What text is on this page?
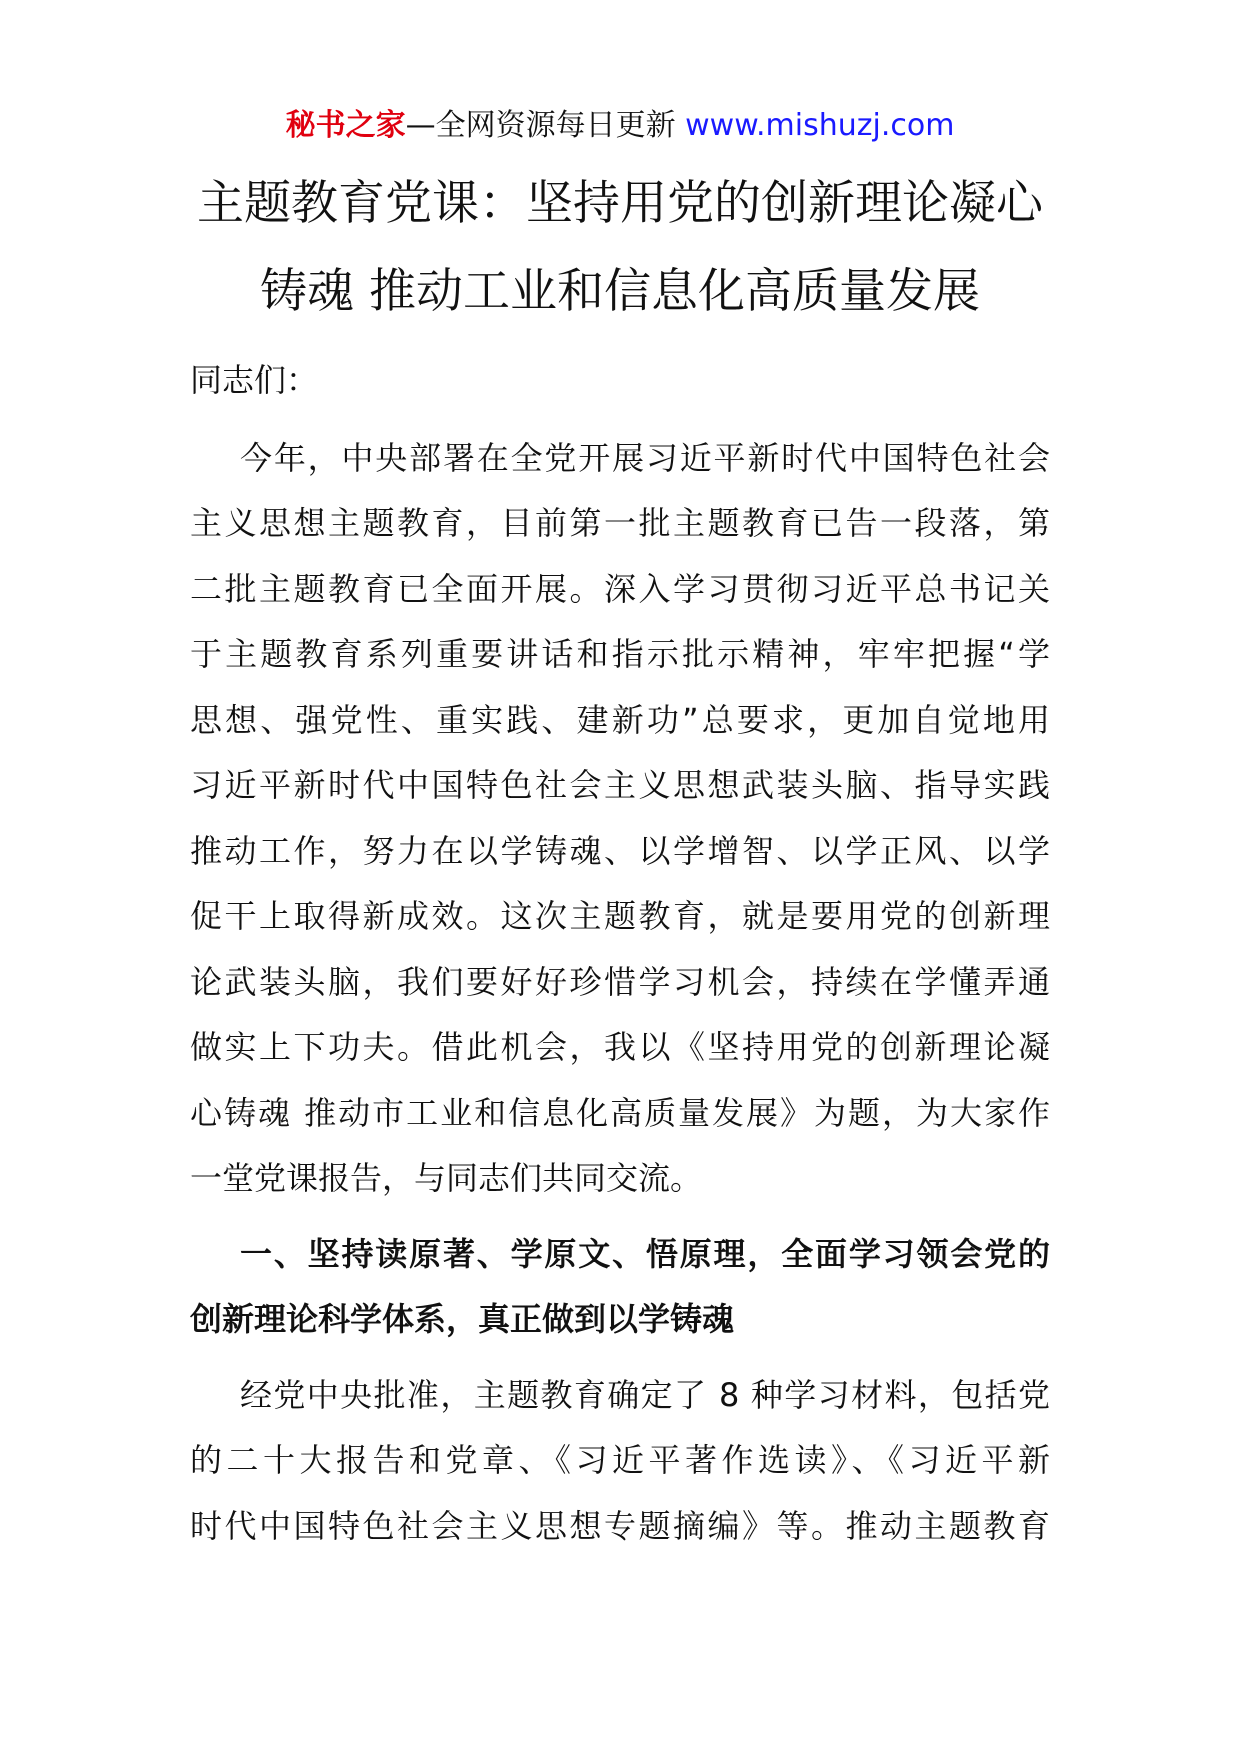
秘书之家—全网资源每日更新 www.mishuzj.com
主题教育党课：坚持用党的创新理论凝心
铸魂 推动工业和信息化高质量发展

同志们：

今年，中央部署在全党开展习近平新时代中国特色社会
主义思想主题教育，目前第一批主题教育已告一段落，第
二批主题教育已全面开展。深入学习贯彻习近平总书记关
于主题教育系列重要讲话和指示批示精神，牢牢把握“学
思想、强党性、重实践、建新功”总要求，更加自觉地用
习近平新时代中国特色社会主义思想武装头脑、指导实践
推动工作，努力在以学铸魂、以学增智、以学正风、以学
促干上取得新成效。这次主题教育，就是要用党的创新理
论武装头脑，我们要好好珍惜学习机会，持续在学懂弄通
做实上下功夫。借此机会，我以《坚持用党的创新理论凝
心铸魂 推动市工业和信息化高质量发展》为题，为大家作
一堂党课报告，与同志们共同交流。
一、坚持读原著、学原文、悟原理，全面学习领会党的
创新理论科学体系，真正做到以学铸魂
经党中央批准，主题教育确定了 8 种学习材料，包括党
的二十大报告和党章、《习近平著作选读》、《习近平新
时代中国特色社会主义思想专题摘编》等。推动主题教育
